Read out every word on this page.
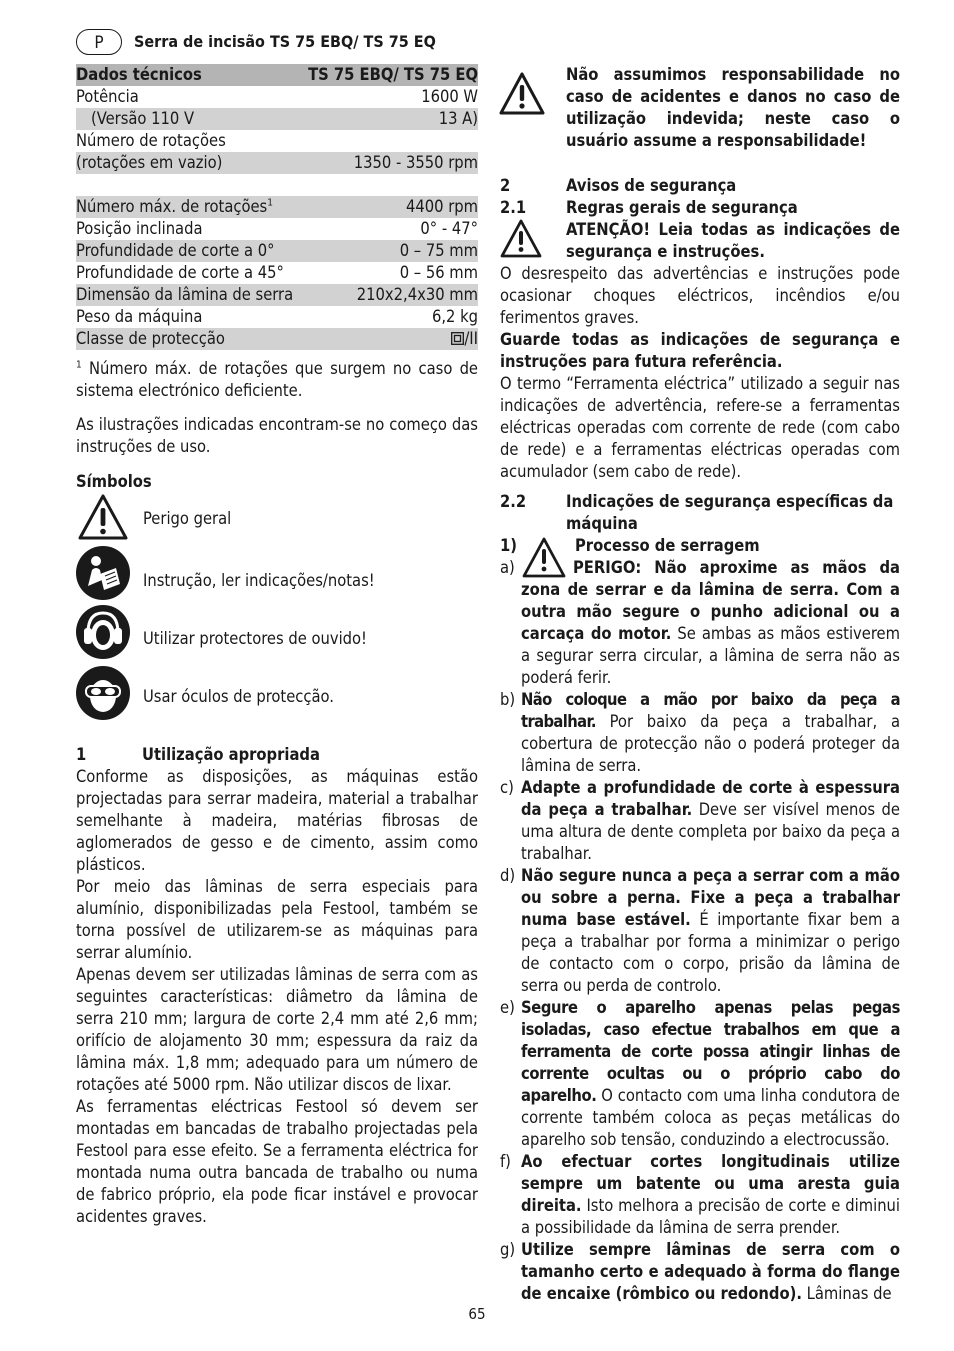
P	Serra de incisão TS 75 EBQ/ TS 75 EQ
Dados técnicos	TS 75 EBQ/ TS 75 EQ
Potência	1600 W
(Versão 110 V	13 A)
Número de rotações	
(rotações em vazio)	1350 - 3550 rpm

Número máx. de rotações$^1$	4400 rpm
Posição inclinada	0° - 47°
Profundidade de corte a 0°	0 – 75 mm
Profundidade de corte a 45°	0 – 56 mm
Dimensão da lâmina de serra	210x2,4x30 mm
Peso da máquina	6,2 kg
Classe de protecção	/II
$^1$ Número máx. de rotações que surgem no caso de sistema electrónico deficiente.
As ilustrações indicadas encontram-se no começo das instruções de uso.
Símbolos
Perigo geral
Instrução, ler indicações/notas!
Utilizar protectores de ouvido!
Usar óculos de protecção.
1	Utilização apropriada
Conforme as disposições, as máquinas estão projectadas para serrar madeira, material a trabalhar semelhante à madeira, matérias fibrosas de aglomerados de gesso e de cimento, assim como plásticos.
Por meio das lâminas de serra especiais para alumínio, disponibilizadas pela Festool, também se torna possível de utilizarem-se as máquinas para serrar alumínio.
Apenas devem ser utilizadas lâminas de serra com as seguintes características: diâmetro da lâmina de serra 210 mm; largura de corte 2,4 mm até 2,6 mm; orifício de alojamento 30 mm; espessura da raiz da lâmina máx. 1,8 mm; adequado para um número de rotações até 5000 rpm. Não utilizar discos de lixar.
As ferramentas eléctricas Festool só devem ser montadas em bancadas de trabalho projectadas pela Festool para esse efeito. Se a ferramenta eléctrica for montada numa outra bancada de trabalho ou numa de fabrico próprio, ela pode ficar instável e provocar acidentes graves.
Não assumimos responsabilidade no caso de acidentes e danos no caso de utilização indevida; neste caso o usuário assume a responsabilidade!
2	Avisos de segurança
2.1	Regras gerais de segurança
ATENÇÃO! Leia todas as indicações de segurança e instruções.
O desrespeito das advertências e instruções pode ocasionar choques eléctricos, incêndios e/ou ferimentos graves.
Guarde todas as indicações de segurança e instruções para futura referência.
O termo “Ferramenta eléctrica” utilizado a seguir nas indicações de advertência, refere-se a ferramentas eléctricas operadas com corrente de rede (com cabo de rede) e a ferramentas eléctricas operadas com acumulador (sem cabo de rede).
2.2	Indicações de segurança específicas da máquina
1)	Processo de serragem
a)	PERIGO: Não aproxime as mãos da zona de serrar e da lâmina de serra. Com a outra mão segure o punho adicional ou a carcaça do motor. Se ambas as mãos estiverem a segurar serra circular, a lâmina de serra não as poderá ferir.
b) Não coloque a mão por baixo da peça a trabalhar. Por baixo da peça a trabalhar, a cobertura de protecção não o poderá proteger da lâmina de serra.
c) Adapte a profundidade de corte à espessura da peça a trabalhar. Deve ser visível menos de uma altura de dente completa por baixo da peça a trabalhar.
d) Não segure nunca a peça a serrar com a mão ou sobre a perna. Fixe a peça a trabalhar numa base estável. É importante fixar bem a peça a trabalhar por forma a minimizar o perigo de contacto com o corpo, prisão da lâmina de serra ou perda de controlo.
e) Segure o aparelho apenas pelas pegas isoladas, caso efectue trabalhos em que a ferramenta de corte possa atingir linhas de corrente ocultas ou o próprio cabo do aparelho. O contacto com uma linha condutora de corrente também coloca as peças metálicas do aparelho sob tensão, conduzindo a electrocussão.
f) Ao efectuar cortes longitudinais utilize sempre um batente ou uma aresta guia direita. Isto melhora a precisão de corte e diminui a possibilidade da lâmina de serra prender.
g) Utilize sempre lâminas de serra com o tamanho certo e adequado à forma do flange de encaixe (rômbico ou redondo). Lâminas de
65
